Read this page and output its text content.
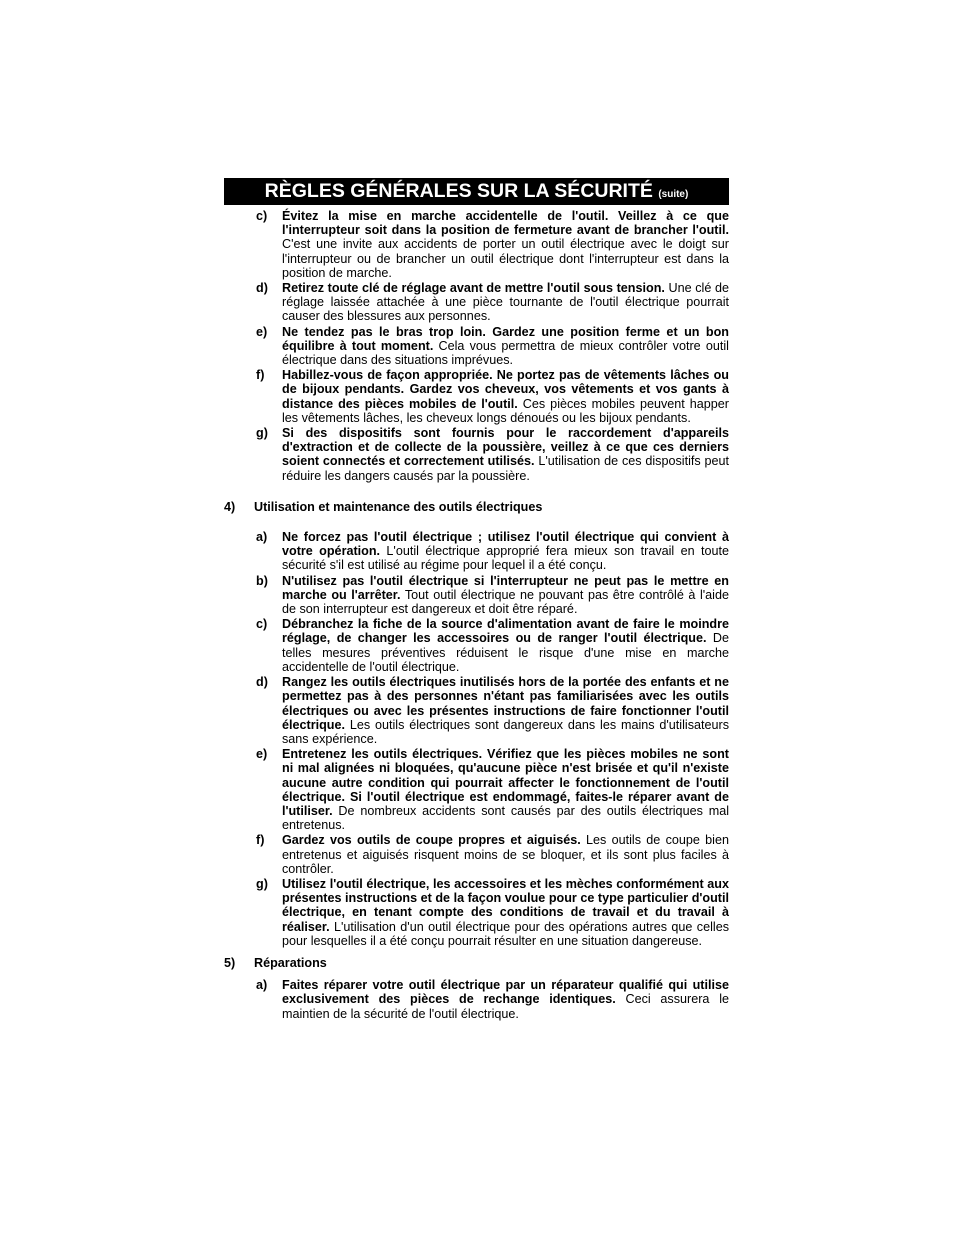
RÈGLES GÉNÉRALES SUR LA SÉCURITÉ (suite)
c) Évitez la mise en marche accidentelle de l'outil. Veillez à ce que l'interrupteur soit dans la position de fermeture avant de brancher l'outil. C'est une invite aux accidents de porter un outil électrique avec le doigt sur l'interrupteur ou de brancher un outil électrique dont l'interrupteur est dans la position de marche.
d) Retirez toute clé de réglage avant de mettre l'outil sous tension. Une clé de réglage laissée attachée à une pièce tournante de l'outil électrique pourrait causer des blessures aux personnes.
e) Ne tendez pas le bras trop loin. Gardez une position ferme et un bon équilibre à tout moment. Cela vous permettra de mieux contrôler votre outil électrique dans des situations imprévues.
f) Habillez-vous de façon appropriée. Ne portez pas de vêtements lâches ou de bijoux pendants. Gardez vos cheveux, vos vêtements et vos gants à distance des pièces mobiles de l'outil. Ces pièces mobiles peuvent happer les vêtements lâches, les cheveux longs dénoués ou les bijoux pendants.
g) Si des dispositifs sont fournis pour le raccordement d'appareils d'extraction et de collecte de la poussière, veillez à ce que ces derniers soient connectés et correctement utilisés. L'utilisation de ces dispositifs peut réduire les dangers causés par la poussière.
4) Utilisation et maintenance des outils électriques
a) Ne forcez pas l'outil électrique ; utilisez l'outil électrique qui convient à votre opération. L'outil électrique approprié fera mieux son travail en toute sécurité s'il est utilisé au régime pour lequel il a été conçu.
b) N'utilisez pas l'outil électrique si l'interrupteur ne peut pas le mettre en marche ou l'arrêter. Tout outil électrique ne pouvant pas être contrôlé à l'aide de son interrupteur est dangereux et doit être réparé.
c) Débranchez la fiche de la source d'alimentation avant de faire le moindre réglage, de changer les accessoires ou de ranger l'outil électrique. De telles mesures préventives réduisent le risque d'une mise en marche accidentelle de l'outil électrique.
d) Rangez les outils électriques inutilisés hors de la portée des enfants et ne permettez pas à des personnes n'étant pas familiarisées avec les outils électriques ou avec les présentes instructions de faire fonctionner l'outil électrique. Les outils électriques sont dangereux dans les mains d'utilisateurs sans expérience.
e) Entretenez les outils électriques. Vérifiez que les pièces mobiles ne sont ni mal alignées ni bloquées, qu'aucune pièce n'est brisée et qu'il n'existe aucune autre condition qui pourrait affecter le fonctionnement de l'outil électrique. Si l'outil électrique est endommagé, faites-le réparer avant de l'utiliser. De nombreux accidents sont causés par des outils électriques mal entretenus.
f) Gardez vos outils de coupe propres et aiguisés. Les outils de coupe bien entretenus et aiguisés risquent moins de se bloquer, et ils sont plus faciles à contrôler.
g) Utilisez l'outil électrique, les accessoires et les mèches conformément aux présentes instructions et de la façon voulue pour ce type particulier d'outil électrique, en tenant compte des conditions de travail et du travail à réaliser. L'utilisation d'un outil électrique pour des opérations autres que celles pour lesquelles il a été conçu pourrait résulter en une situation dangereuse.
5) Réparations
a) Faites réparer votre outil électrique par un réparateur qualifié qui utilise exclusivement des pièces de rechange identiques. Ceci assurera le maintien de la sécurité de l'outil électrique.
